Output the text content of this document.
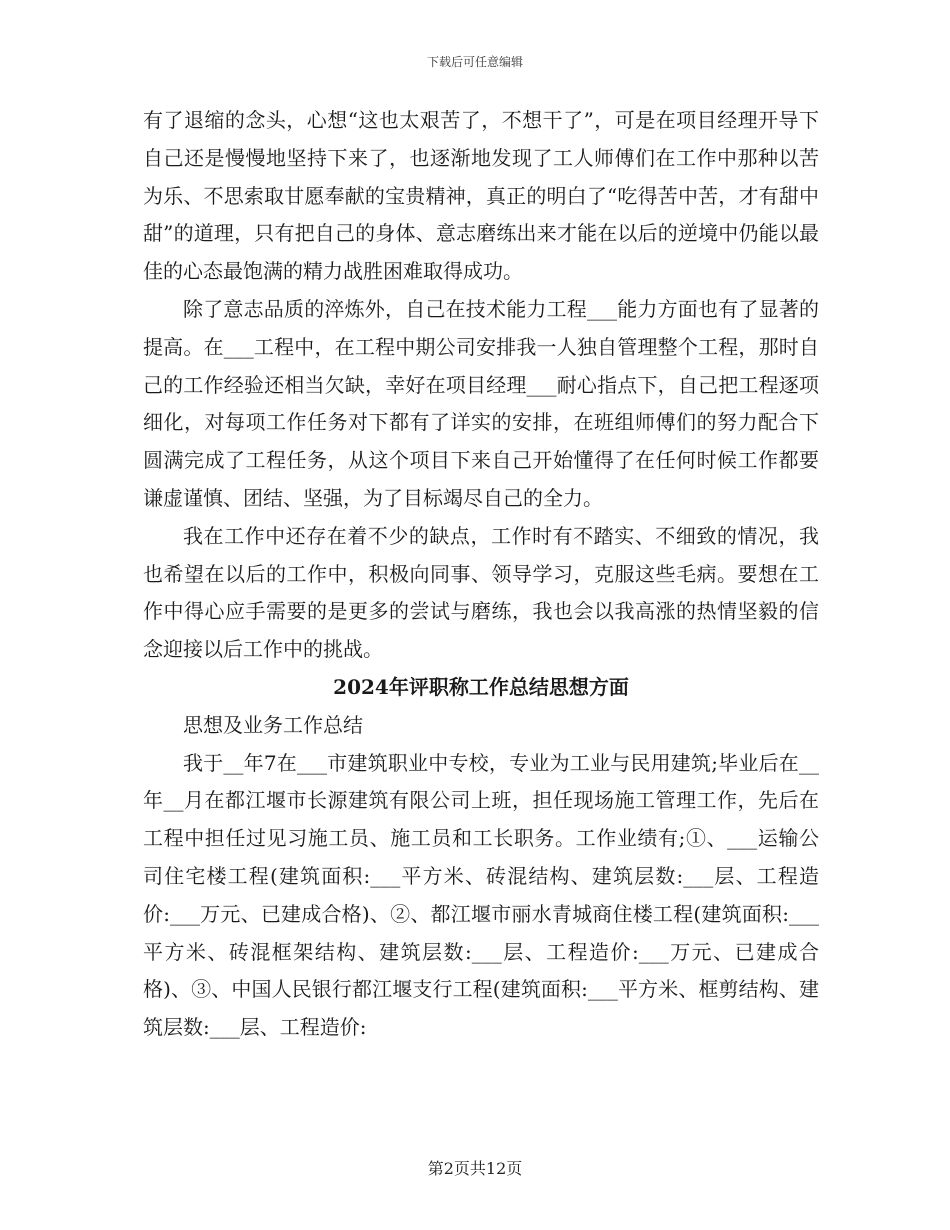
下载后可任意编辑

有了退缩的念头，心想“这也太艰苦了，不想干了”，可是在项目经理开导下自己还是慢慢地坚持下来了，也逐渐地发现了工人师傅们在工作中那种以苦为乐、不思索取甘愿奉献的宝贵精神，真正的明白了“吃得苦中苦，才有甜中甜”的道理，只有把自己的身体、意志磨练出来才能在以后的逆境中仍能以最佳的心态最饱满的精力战胜困难取得成功。

除了意志品质的淬炼外，自己在技术能力工程___能力方面也有了显著的提高。在___工程中，在工程中期公司安排我一人独自管理整个工程，那时自己的工作经验还相当欠缺，幸好在项目经理___耐心指点下，自己把工程逐项细化，对每项工作任务对下都有了详实的安排，在班组师傅们的努力配合下圆满完成了工程任务，从这个项目下来自己开始懂得了在任何时候工作都要谦虚谨慎、团结、坚强，为了目标竭尽自己的全力。

我在工作中还存在着不少的缺点，工作时有不踏实、不细致的情况，我也希望在以后的工作中，积极向同事、领导学习，克服这些毛病。要想在工作中得心应手需要的是更多的尝试与磨练，我也会以我高涨的热情坚毅的信念迎接以后工作中的挑战。

2024年评职称工作总结思想方面

思想及业务工作总结

我于__年7在___市建筑职业中专校，专业为工业与民用建筑;毕业后在__年__月在都江堰市长源建筑有限公司上班，担任现场施工管理工作，先后在工程中担任过见习施工员、施工员和工长职务。工作业绩有;①、___运输公司住宅楼工程(建筑面积:___平方米、砖混结构、建筑层数:___层、工程造价:___万元、已建成合格)、②、都江堰市丽水青城商住楼工程(建筑面积:___平方米、砖混框架结构、建筑层数:___层、工程造价:___万元、已建成合格)、③、中国人民银行都江堰支行工程(建筑面积:___平方米、框剪结构、建筑层数:___层、工程造价:

第2页共12页
